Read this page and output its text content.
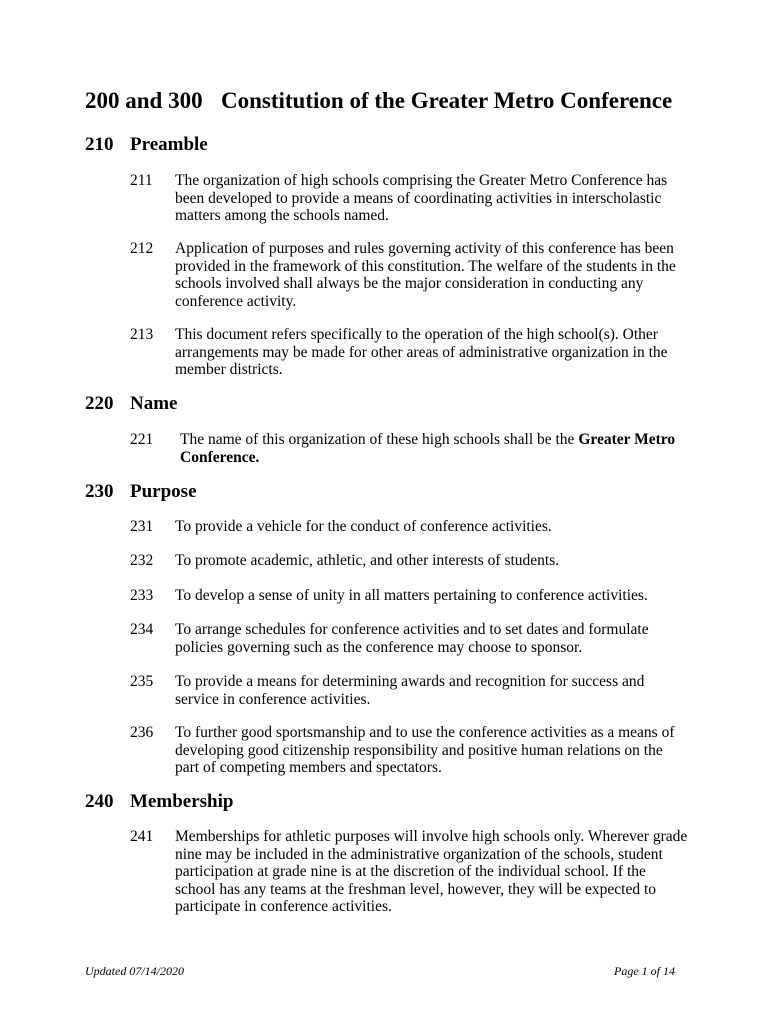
200 and 300 Constitution of the Greater Metro Conference
210 Preamble
211	The organization of high schools comprising the Greater Metro Conference has been developed to provide a means of coordinating activities in interscholastic matters among the schools named.
212	Application of purposes and rules governing activity of this conference has been provided in the framework of this constitution. The welfare of the students in the schools involved shall always be the major consideration in conducting any conference activity.
213	This document refers specifically to the operation of the high school(s). Other arrangements may be made for other areas of administrative organization in the member districts.
220 Name
221	The name of this organization of these high schools shall be the Greater Metro Conference.
230 Purpose
231	To provide a vehicle for the conduct of conference activities.
232	To promote academic, athletic, and other interests of students.
233	To develop a sense of unity in all matters pertaining to conference activities.
234	To arrange schedules for conference activities and to set dates and formulate policies governing such as the conference may choose to sponsor.
235	To provide a means for determining awards and recognition for success and service in conference activities.
236	To further good sportsmanship and to use the conference activities as a means of developing good citizenship responsibility and positive human relations on the part of competing members and spectators.
240 Membership
241	Memberships for athletic purposes will involve high schools only. Wherever grade nine may be included in the administrative organization of the schools, student participation at grade nine is at the discretion of the individual school. If the school has any teams at the freshman level, however, they will be expected to participate in conference activities.
Updated 07/14/2020	Page 1 of 14
